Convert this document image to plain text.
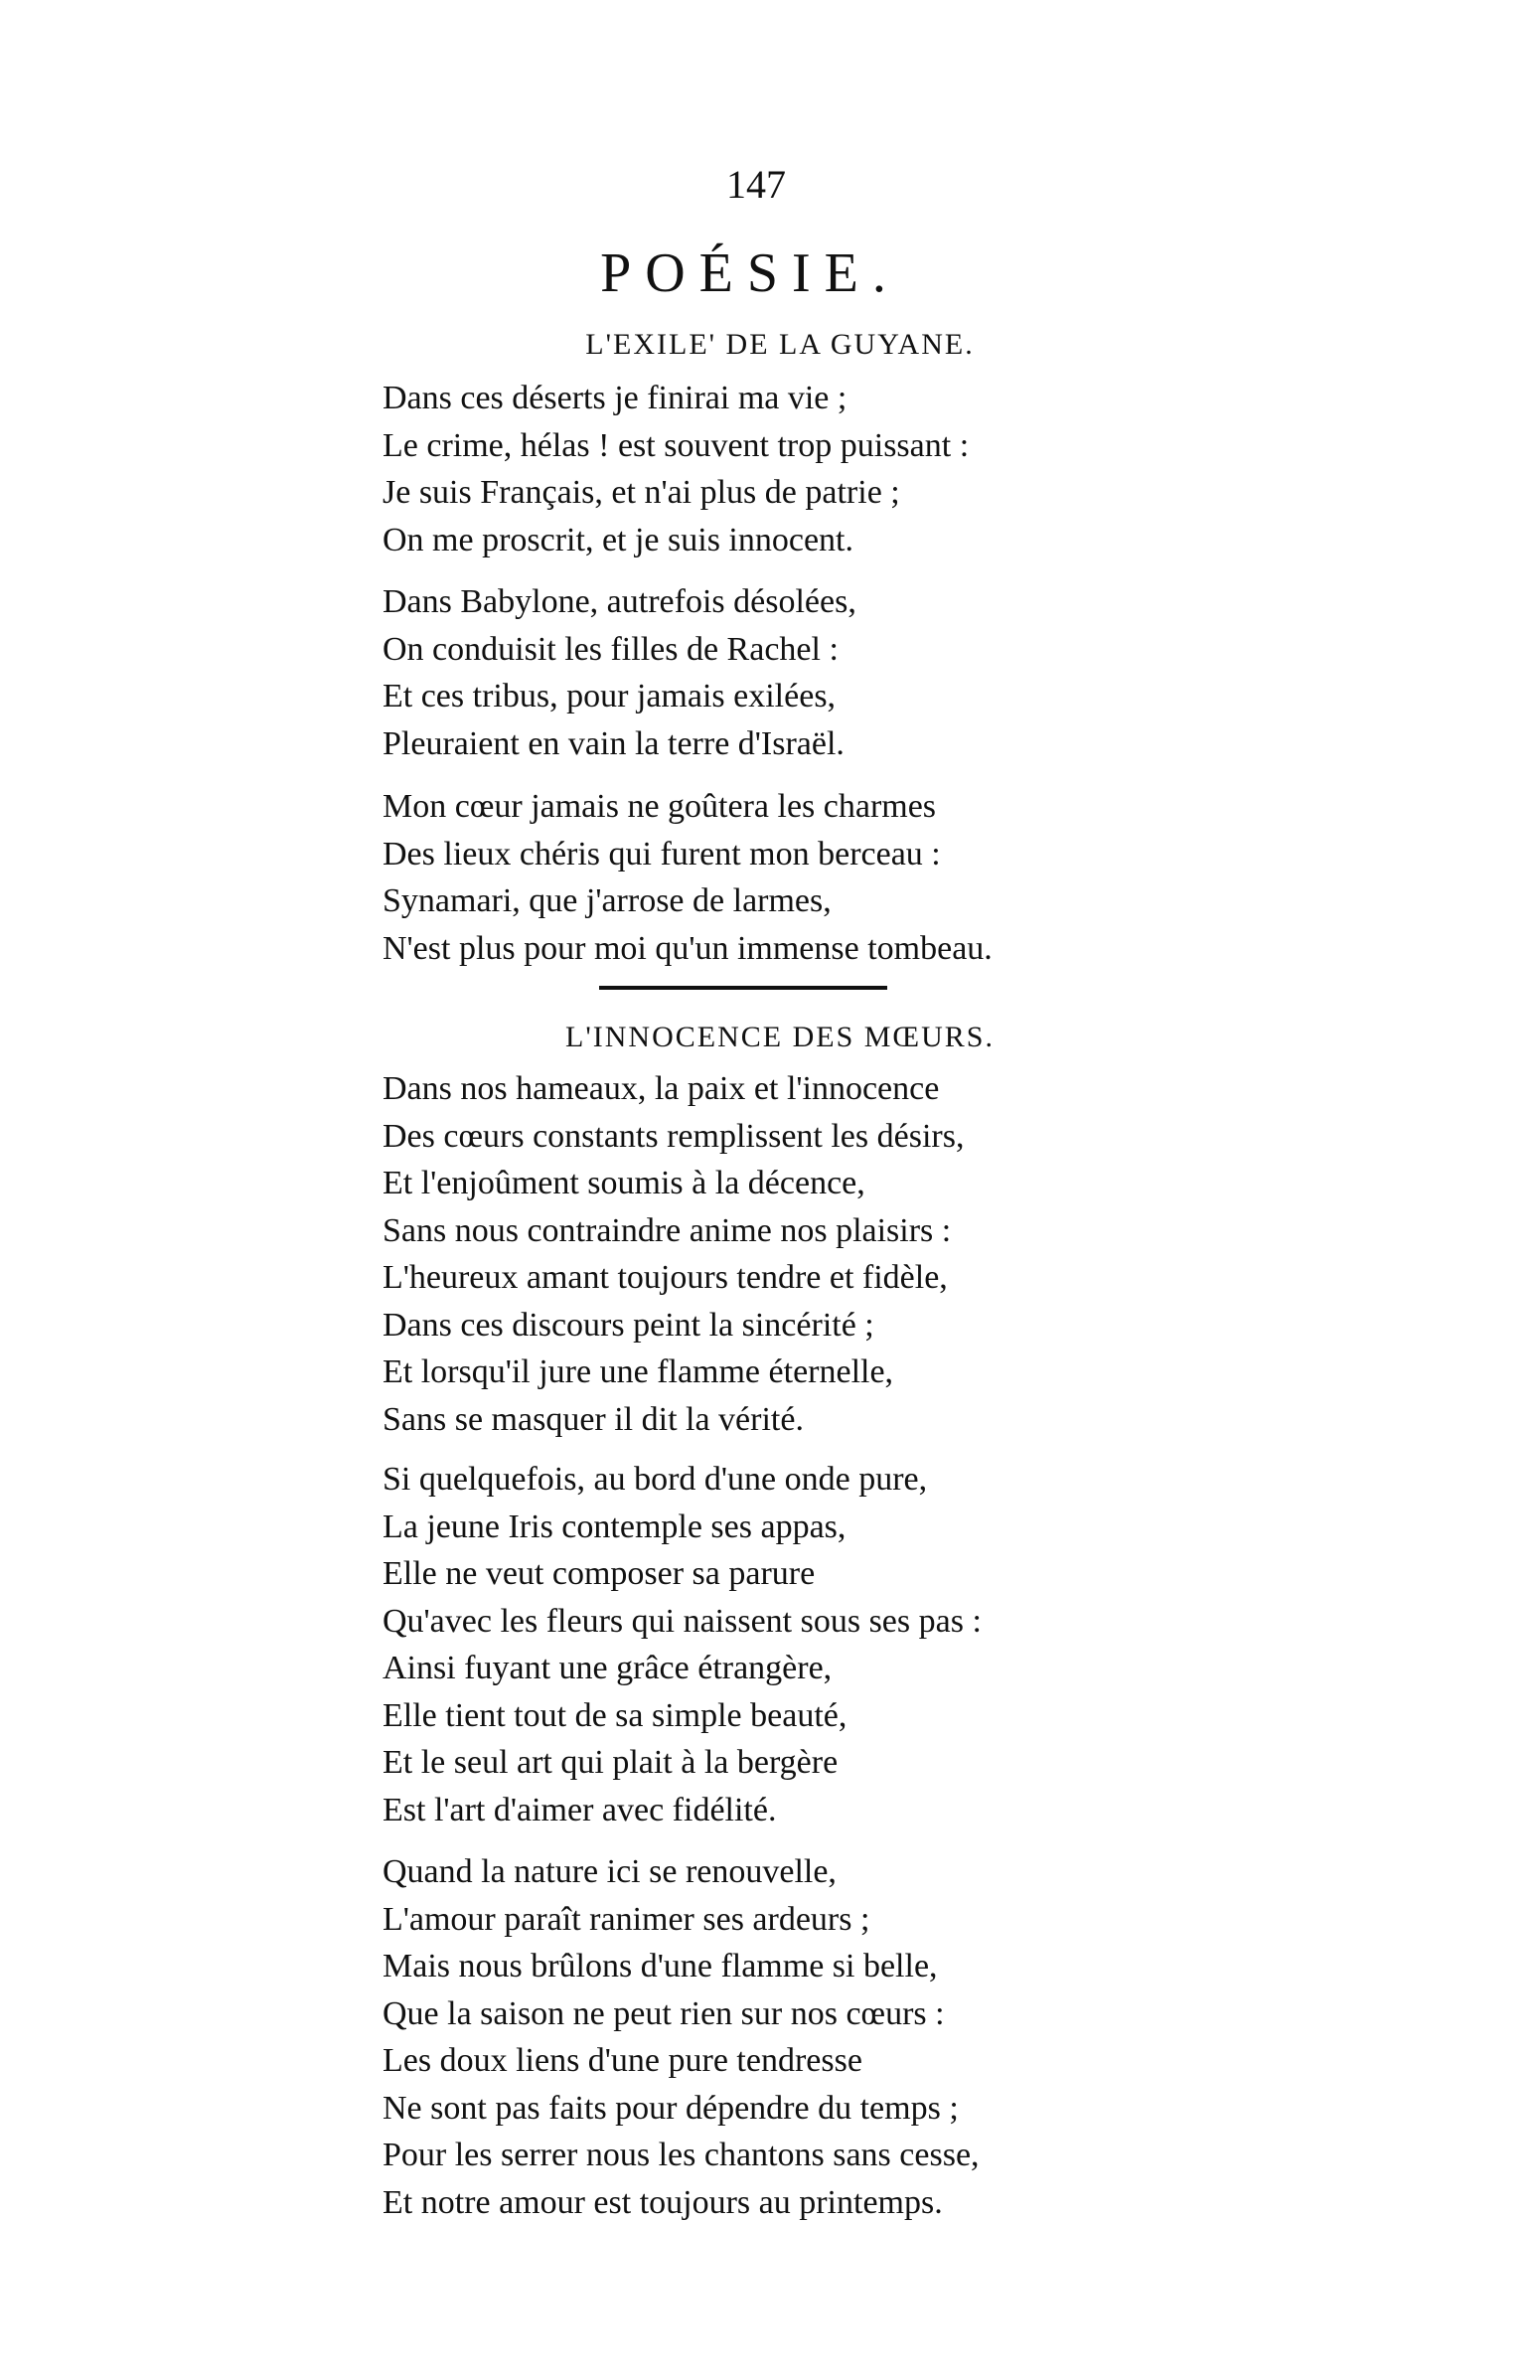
147
POÉSIE.
L'EXILE' DE LA GUYANE.
Dans ces déserts je finirai ma vie ;
Le crime, hélas ! est souvent trop puissant :
Je suis Français, et n'ai plus de patrie ;
On me proscrit, et je suis innocent.
Dans Babylone, autrefois désolées,
On conduisit les filles de Rachel :
Et ces tribus, pour jamais exilées,
Pleuraient en vain la terre d'Israël.
Mon cœur jamais ne goûtera les charmes
Des lieux chéris qui furent mon berceau :
Synamari, que j'arrose de larmes,
N'est plus pour moi qu'un immense tombeau.
L'INNOCENCE DES MŒURS.
Dans nos hameaux, la paix et l'innocence
Des cœurs constants remplissent les désirs,
Et l'enjoûment soumis à la décence,
Sans nous contraindre anime nos plaisirs :
L'heureux amant toujours tendre et fidèle,
Dans ces discours peint la sincérité ;
Et lorsqu'il jure une flamme éternelle,
Sans se masquer il dit la vérité.
Si quelquefois, au bord d'une onde pure,
La jeune Iris contemple ses appas,
Elle ne veut composer sa parure
Qu'avec les fleurs qui naissent sous ses pas :
Ainsi fuyant une grâce étrangère,
Elle tient tout de sa simple beauté,
Et le seul art qui plait à la bergère
Est l'art d'aimer avec fidélité.
Quand la nature ici se renouvelle,
L'amour paraît ranimer ses ardeurs ;
Mais nous brûlons d'une flamme si belle,
Que la saison ne peut rien sur nos cœurs :
Les doux liens d'une pure tendresse
Ne sont pas faits pour dépendre du temps ;
Pour les serrer nous les chantons sans cesse,
Et notre amour est toujours au printemps.
